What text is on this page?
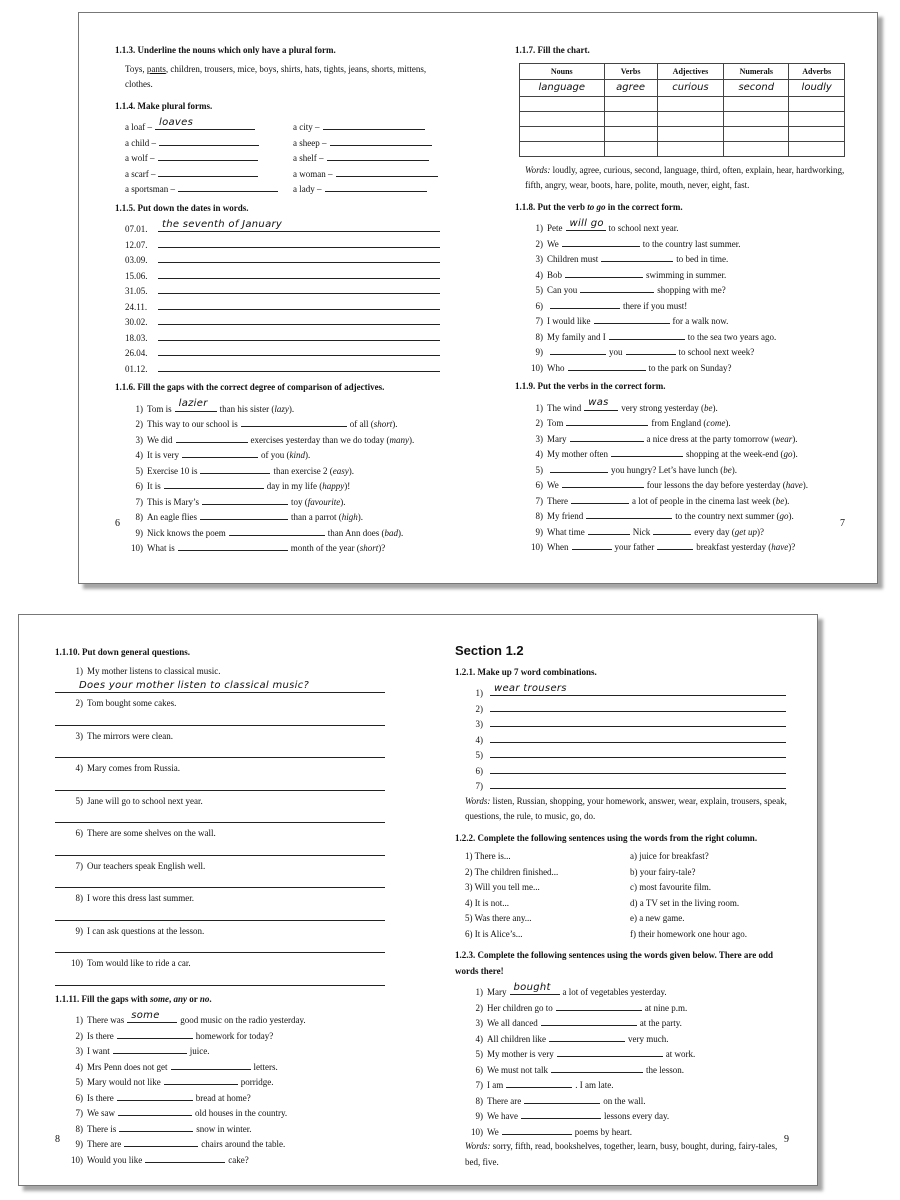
1.1.3. Underline the nouns which only have a plural form.
Toys, pants, children, trousers, mice, boys, shirts, hats, tights, jeans, shorts, mittens, clothes.
1.1.4. Make plural forms.
a loaf – loaves	a city –
a child –	a sheep –
a wolf –	a shelf –
a scarf –	a woman –
a sportsman –	a lady –
1.1.5. Put down the dates in words.
07.01.	the seventh of January
12.07.
03.09.
15.06.
31.05.
24.11.
30.02.
18.03.
26.04.
01.12.
1.1.6. Fill the gaps with the correct degree of comparison of adjectives.
1) Tom is lazier than his sister ( lazy ).
2) This way to our school is	of all ( short ).
3) We did	exercises yesterday than we do today ( many ).
4) It is very	of you ( kind ).
5) Exercise 10 is	than exercise 2 ( easy ).
6) It is	day in my life ( happy )!
7) This is Mary’s	toy ( favourite ).
8) An eagle flies	than a parrot ( high ).
9) Nick knows the poem	than Ann does ( bad ).
10) What is	month of the year ( short )?
6
1.1.7. Fill the chart.
Nouns	Verbs	Adjectives	Numerals	Adverbs
language	agree	curious	second	loudly

Words: loudly, agree, curious, second, language, third, often, explain, hear, hardworking, fifth, angry, wear, boots, hare, polite, mouth, never, eight, fast.
1.1.8. Put the verb to go in the correct form.
1) Pete will go to school next year.
2) We	to the country last summer.
3) Children must	to bed in time.
4) Bob	swimming in summer.
5) Can you	shopping with me?
6)	there if you must!
7) I would like	for a walk now.
8) My family and I	to the sea two years ago.
9)	you	to school next week?
10) Who	to the park on Sunday?
1.1.9. Put the verbs in the correct form.
1) The wind was very strong yesterday ( be ).
2) Tom	from England ( come ).
3) Mary	a nice dress at the party tomorrow ( wear ).
4) My mother often	shopping at the week-end ( go ).
5)	you hungry? Let’s have lunch ( be ).
6) We	four lessons the day before yesterday ( have ).
7) There	a lot of people in the cinema last week ( be ).
8) My friend	to the country next summer ( go ).
9) What time	Nick	every day ( get up )?
10) When	your father	breakfast yesterday ( have )?
7
1.1.10. Put down general questions.
1) My mother listens to classical music.
Does your mother listen to classical music?
2) Tom bought some cakes.
3) The mirrors were clean.
4) Mary comes from Russia.
5) Jane will go to school next year.
6) There are some shelves on the wall.
7) Our teachers speak English well.
8) I wore this dress last summer.
9) I can ask questions at the lesson.
10) Tom would like to ride a car.
1.1.11. Fill the gaps with some, any or no.
1) There was some good music on the radio yesterday.
2) Is there	homework for today?
3) I want	juice.
4) Mrs Penn does not get	letters.
5) Mary would not like	porridge.
6) Is there	bread at home?
7) We saw	old houses in the country.
8) There is	snow in winter.
9) There are	chairs around the table.
10) Would you like	cake?
8
Section 1.2
1.2.1. Make up 7 word combinations.
1)	wear trousers
2)
3)
4)
5)
6)
7)
Words: listen, Russian, shopping, your homework, answer, wear, explain, trousers, speak, questions, the rule, to music, go, do.
1.2.2. Complete the following sentences using the words from the right column.
1) There is...	a) juice for breakfast?
2) The children finished...	b) your fairy-tale?
3) Will you tell me...	c) most favourite film.
4) It is not...	d) a TV set in the living room.
5) Was there any...	e) a new game.
6) It is Alice’s...	f) their homework one hour ago.
1.2.3. Complete the following sentences using the words given below. There are odd words there!
1) Mary bought a lot of vegetables yesterday.
2) Her children go to	at nine p.m.
3) We all danced	at the party.
4) All children like	very much.
5) My mother is very	at work.
6) We must not talk	the lesson.
7) I am	. I am late.
8) There are	on the wall.
9) We have	lessons every day.
10) We	poems by heart.
Words: sorry, fifth, read, bookshelves, together, learn, busy, bought, during, fairy-tales, bed, five.
9
